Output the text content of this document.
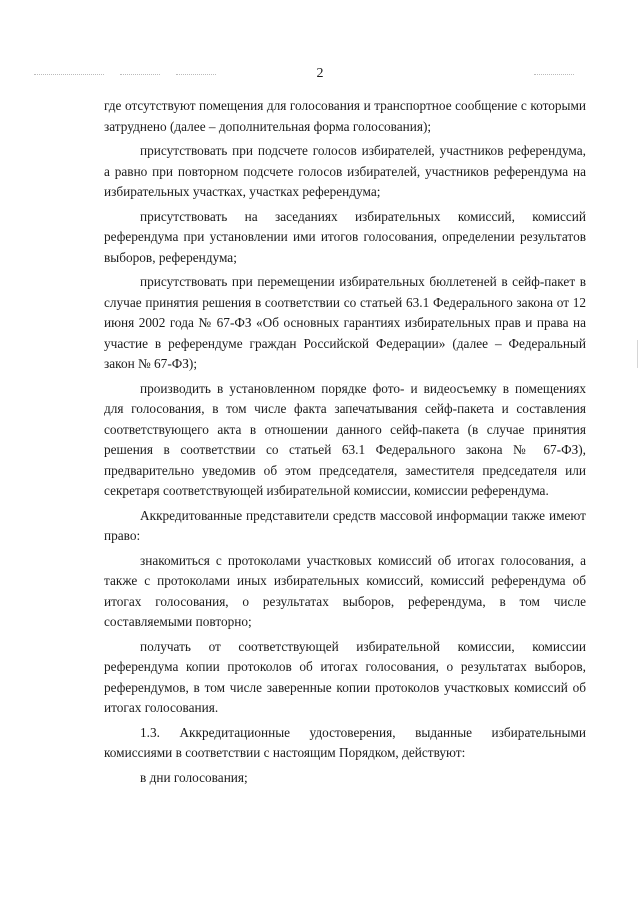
2

где отсутствуют помещения для голосования и транспортное сообщение с которыми затруднено (далее – дополнительная форма голосования);

присутствовать при подсчете голосов избирателей, участников референдума, а равно при повторном подсчете голосов избирателей, участников референдума на избирательных участках, участках референдума;

присутствовать на заседаниях избирательных комиссий, комиссий референдума при установлении ими итогов голосования, определении результатов выборов, референдума;

присутствовать при перемещении избирательных бюллетеней в сейф-пакет в случае принятия решения в соответствии со статьей 63.1 Федерального закона от 12 июня 2002 года № 67-ФЗ «Об основных гарантиях избирательных прав и права на участие в референдуме граждан Российской Федерации» (далее – Федеральный закон № 67-ФЗ);

производить в установленном порядке фото- и видеосъемку в помещениях для голосования, в том числе факта запечатывания сейф-пакета и составления соответствующего акта в отношении данного сейф-пакета (в случае принятия решения в соответствии со статьей 63.1 Федерального закона № 67-ФЗ), предварительно уведомив об этом председателя, заместителя председателя или секретаря соответствующей избирательной комиссии, комиссии референдума.

Аккредитованные представители средств массовой информации также имеют право:

знакомиться с протоколами участковых комиссий об итогах голосования, а также с протоколами иных избирательных комиссий, комиссий референдума об итогах голосования, о результатах выборов, референдума, в том числе составляемыми повторно;

получать от соответствующей избирательной комиссии, комиссии референдума копии протоколов об итогах голосования, о результатах выборов, референдумов, в том числе заверенные копии протоколов участковых комиссий об итогах голосования.

1.3. Аккредитационные удостоверения, выданные избирательными комиссиями в соответствии с настоящим Порядком, действуют:

в дни голосования;
